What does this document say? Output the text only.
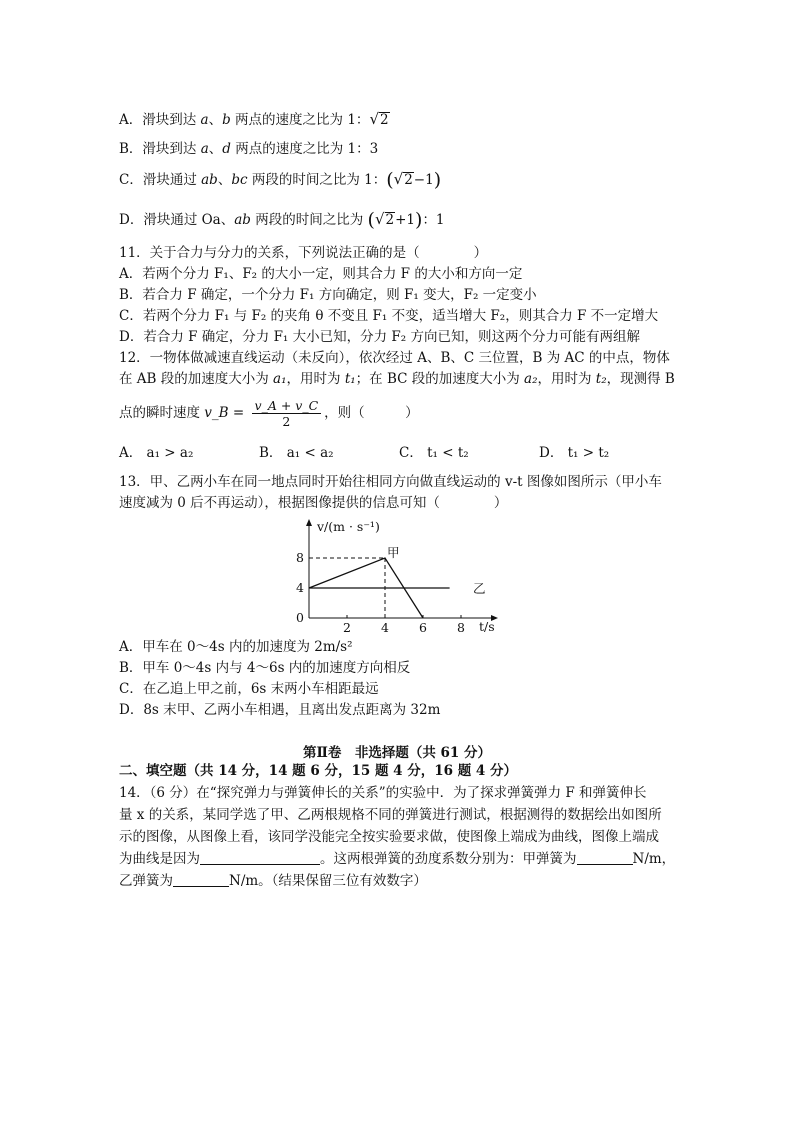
A．滑块到达 a、b 两点的速度之比为 1：√2
B．滑块到达 a、d 两点的速度之比为 1：3
C．滑块通过 ab、bc 两段的时间之比为 1：(√2−1)
D．滑块通过 Oa、ab 两段的时间之比为 (√2+1)：1
11．关于合力与分力的关系，下列说法正确的是（　　　　）
A．若两个分力 F₁、F₂ 的大小一定，则其合力 F 的大小和方向一定
B．若合力 F 确定，一个分力 F₁ 方向确定，则 F₁ 变大，F₂ 一定变小
C．若两个分力 F₁ 与 F₂ 的夹角 θ 不变且 F₁ 不变，适当增大 F₂，则其合力 F 不一定增大
D．若合力 F 确定，分力 F₁ 大小已知，分力 F₂ 方向已知，则这两个分力可能有两组解
12．一物体做减速直线运动（未反向），依次经过 A、B、C 三位置，B 为 AC 的中点，物体
在 AB 段的加速度大小为 a₁，用时为 t₁；在 BC 段的加速度大小为 a₂，用时为 t₂，现测得 B
点的瞬时速度 v_B = $\frac{v\_A + v\_C}{2}$ ，则（　　　）
A． a₁ > a₂	B． a₁ < a₂	C． t₁ < t₂	D． t₁ > t₂
13．甲、乙两小车在同一地点同时开始往相同方向做直线运动的 v-t 图像如图所示（甲小车
速度减为 0 后不再运动），根据图像提供的信息可知（　　　　）
2 4 6 8
0
4
8
v/(m · s⁻¹)
t/s
甲
乙
A．甲车在 0～4s 内的加速度为 2m/s²
B．甲车 0～4s 内与 4～6s 内的加速度方向相反
C．在乙追上甲之前，6s 末两小车相距最远
D．8s 末甲、乙两小车相遇，且离出发点距离为 32m
第Ⅱ卷　非选择题（共 61 分）
二、填空题（共 14 分，14 题 6 分，15 题 4 分，16 题 4 分）
14．（6 分）在“探究弹力与弹簧伸长的关系”的实验中．为了探求弹簧弹力 F 和弹簧伸长
量 x 的关系，某同学选了甲、乙两根规格不同的弹簧进行测试，根据测得的数据绘出如图所
示的图像，从图像上看，该同学没能完全按实验要求做，使图像上端成为曲线，图像上端成
为曲线是因为	。这两根弹簧的劲度系数分别为：甲弹簧为	N/m，
乙弹簧为	N/m。（结果保留三位有效数字）
